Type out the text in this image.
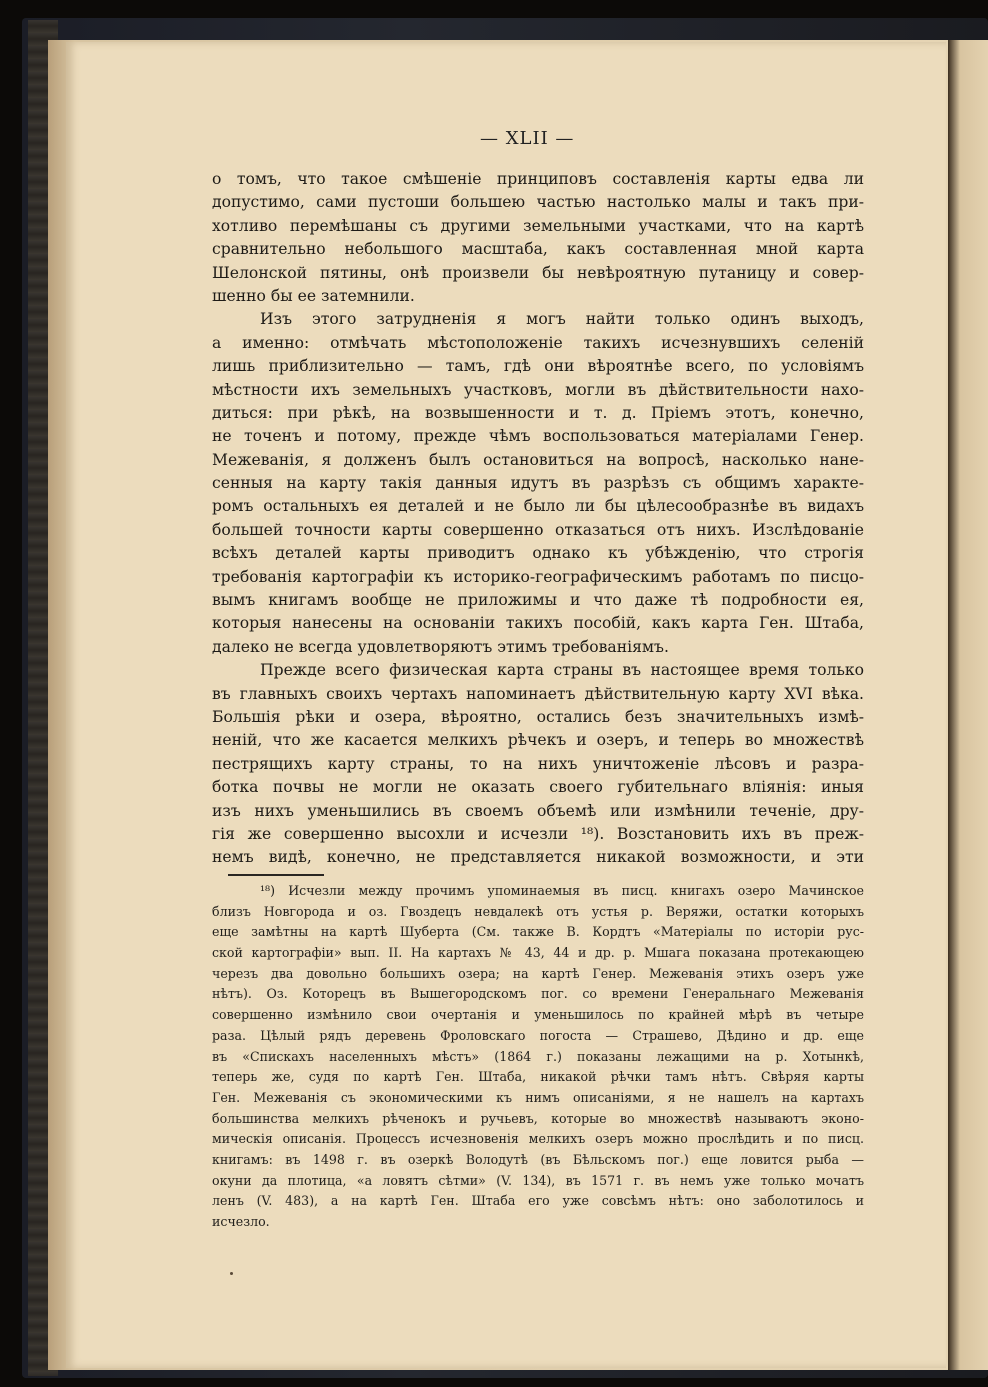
— XLII —
о томъ, что такое смѣшеніе принциповъ составленія карты едва ли
допустимо, сами пустоши большею частью настолько малы и такъ при-
хотливо перемѣшаны съ другими земельными участками, что на картѣ
сравнительно небольшого масштаба, какъ составленная мной карта
Шелонской пятины, онѣ произвели бы невѣроятную путаницу и совер-
шенно бы ее затемнили.
Изъ этого затрудненія я могъ найти только одинъ выходъ,
а именно: отмѣчать мѣстоположеніе такихъ исчезнувшихъ селеній
лишь приблизительно — тамъ, гдѣ они вѣроятнѣе всего, по условіямъ
мѣстности ихъ земельныхъ участковъ, могли въ дѣйствительности нахо-
диться: при рѣкѣ, на возвышенности и т. д. Пріемъ этотъ, конечно,
не точенъ и потому, прежде чѣмъ воспользоваться матеріалами Генер.
Межеванія, я долженъ былъ остановиться на вопросѣ, насколько нане-
сенныя на карту такія данныя идутъ въ разрѣзъ съ общимъ характе-
ромъ остальныхъ ея деталей и не было ли бы цѣлесообразнѣе въ видахъ
большей точности карты совершенно отказаться отъ нихъ. Изслѣдованіе
всѣхъ деталей карты приводитъ однако къ убѣжденію, что строгія
требованія картографіи къ историко-географическимъ работамъ по писцо-
вымъ книгамъ вообще не приложимы и что даже тѣ подробности ея,
которыя нанесены на основаніи такихъ пособій, какъ карта Ген. Штаба,
далеко не всегда удовлетворяютъ этимъ требованіямъ.
Прежде всего физическая карта страны въ настоящее время только
въ главныхъ своихъ чертахъ напоминаетъ дѣйствительную карту XVI вѣка.
Большія рѣки и озера, вѣроятно, остались безъ значительныхъ измѣ-
неній, что же касается мелкихъ рѣчекъ и озеръ, и теперь во множествѣ
пестрящихъ карту страны, то на нихъ уничтоженіе лѣсовъ и разра-
ботка почвы не могли не оказать своего губительнаго вліянія: иныя
изъ нихъ уменьшились въ своемъ объемѣ или измѣнили теченіе, дру-
гія же совершенно высохли и исчезли ¹⁸). Возстановить ихъ въ преж-
немъ видѣ, конечно, не представляется никакой возможности, и эти
¹⁸) Исчезли между прочимъ упоминаемыя въ писц. книгахъ озеро Мачинское
близъ Новгорода и оз. Гвоздецъ невдалекѣ отъ устья р. Веряжи, остатки которыхъ
еще замѣтны на картѣ Шуберта (См. также В. Кордтъ «Матеріалы по исторіи рус-
ской картографіи» вып. II. На картахъ № 43, 44 и др. р. Мшага показана протекающею
черезъ два довольно большихъ озера; на картѣ Генер. Межеванія этихъ озеръ уже
нѣтъ). Оз. Которецъ въ Вышегородскомъ пог. со времени Генеральнаго Межеванія
совершенно измѣнило свои очертанія и уменьшилось по крайней мѣрѣ въ четыре
раза. Цѣлый рядъ деревень Фроловскаго погоста — Страшево, Дѣдино и др. еще
въ «Спискахъ населенныхъ мѣстъ» (1864 г.) показаны лежащими на р. Хотынкѣ,
теперь же, судя по картѣ Ген. Штаба, никакой рѣчки тамъ нѣтъ. Свѣряя карты
Ген. Межеванія съ экономическими къ нимъ описаніями, я не нашелъ на картахъ
большинства мелкихъ рѣченокъ и ручьевъ, которые во множествѣ называютъ эконо-
мическія описанія. Процессъ исчезновенія мелкихъ озеръ можно прослѣдить и по писц.
книгамъ: въ 1498 г. въ озеркѣ Володутѣ (въ Бѣльскомъ пог.) еще ловится рыба —
окуни да плотица, «а ловятъ сѣтми» (V. 134), въ 1571 г. въ немъ уже только мочатъ
ленъ (V. 483), а на картѣ Ген. Штаба его уже совсѣмъ нѣтъ: оно заболотилось и
исчезло.
